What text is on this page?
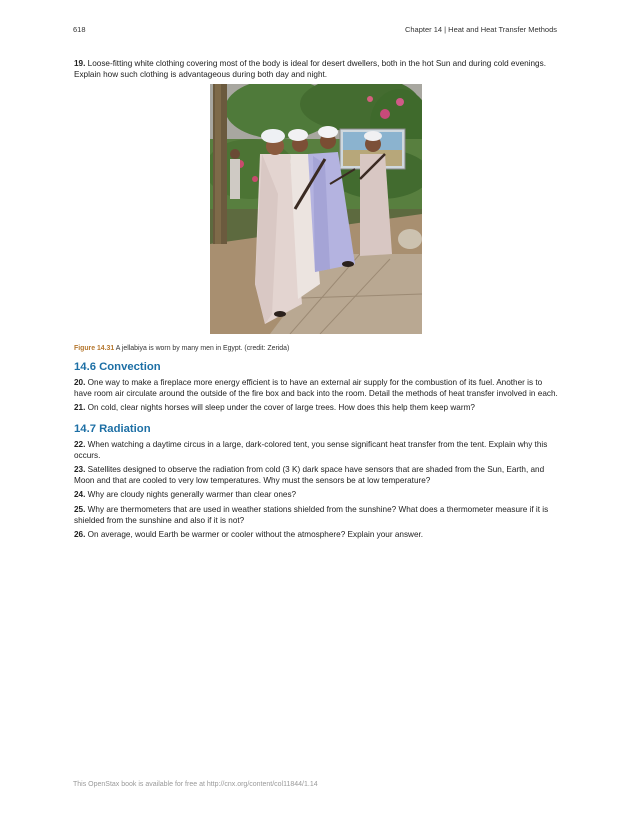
618	Chapter 14 | Heat and Heat Transfer Methods

19. Loose-fitting white clothing covering most of the body is ideal for desert dwellers, both in the hot Sun and during cold evenings. Explain how such clothing is advantageous during both day and night.

Figure 14.31 A jellabiya is worn by many men in Egypt. (credit: Zerida)

14.6 Convection

20. One way to make a fireplace more energy efficient is to have an external air supply for the combustion of its fuel. Another is to have room air circulate around the outside of the fire box and back into the room. Detail the methods of heat transfer involved in each.

21. On cold, clear nights horses will sleep under the cover of large trees. How does this help them keep warm?

14.7 Radiation

22. When watching a daytime circus in a large, dark-colored tent, you sense significant heat transfer from the tent. Explain why this occurs.

23. Satellites designed to observe the radiation from cold (3 K) dark space have sensors that are shaded from the Sun, Earth, and Moon and that are cooled to very low temperatures. Why must the sensors be at low temperature?

24. Why are cloudy nights generally warmer than clear ones?

25. Why are thermometers that are used in weather stations shielded from the sunshine? What does a thermometer measure if it is shielded from the sunshine and also if it is not?

26. On average, would Earth be warmer or cooler without the atmosphere? Explain your answer.

This OpenStax book is available for free at http://cnx.org/content/col11844/1.14
